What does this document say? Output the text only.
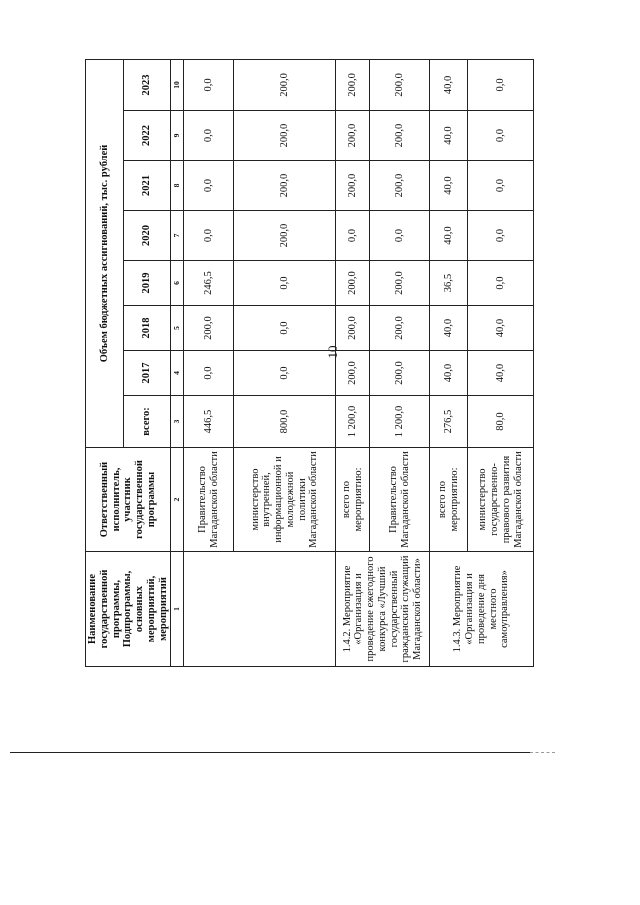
10
Наименование государственной программы, Подпрограммы, основных мероприятий, мероприятий	Ответственный исполнитель, участник государственной программы	Объем бюджетных ассигнований, тыс. рублей							
		всего:	2017	2018	2019	2020	2021	2022	2023
1	2	3	4	5	6	7	8	9	10
	Правительство Магаданской области	446,5	0,0	200,0	246,5	0,0	0,0	0,0	0,0
	министерство внутренней, информационной и молодежной политики Магаданской области	800,0	0,0	0,0	0,0	200,0	200,0	200,0	200,0
1.4.2. Мероприятие «Организация и проведение ежегодного конкурса «Лучший государственный гражданский служащий Магаданской области»	всего по мероприятию:	1 200,0	200,0	200,0	200,0	0,0	200,0	200,0	200,0
	Правительство Магаданской области	1 200,0	200,0	200,0	200,0	0,0	200,0	200,0	200,0
1.4.3. Мероприятие «Организация и проведение дня местного самоуправления»	всего по мероприятию:	276,5	40,0	40,0	36,5	40,0	40,0	40,0	40,0
	министерство государственно-правового развития Магаданской области	80,0	40,0	40,0	0,0	0,0	0,0	0,0	0,0
